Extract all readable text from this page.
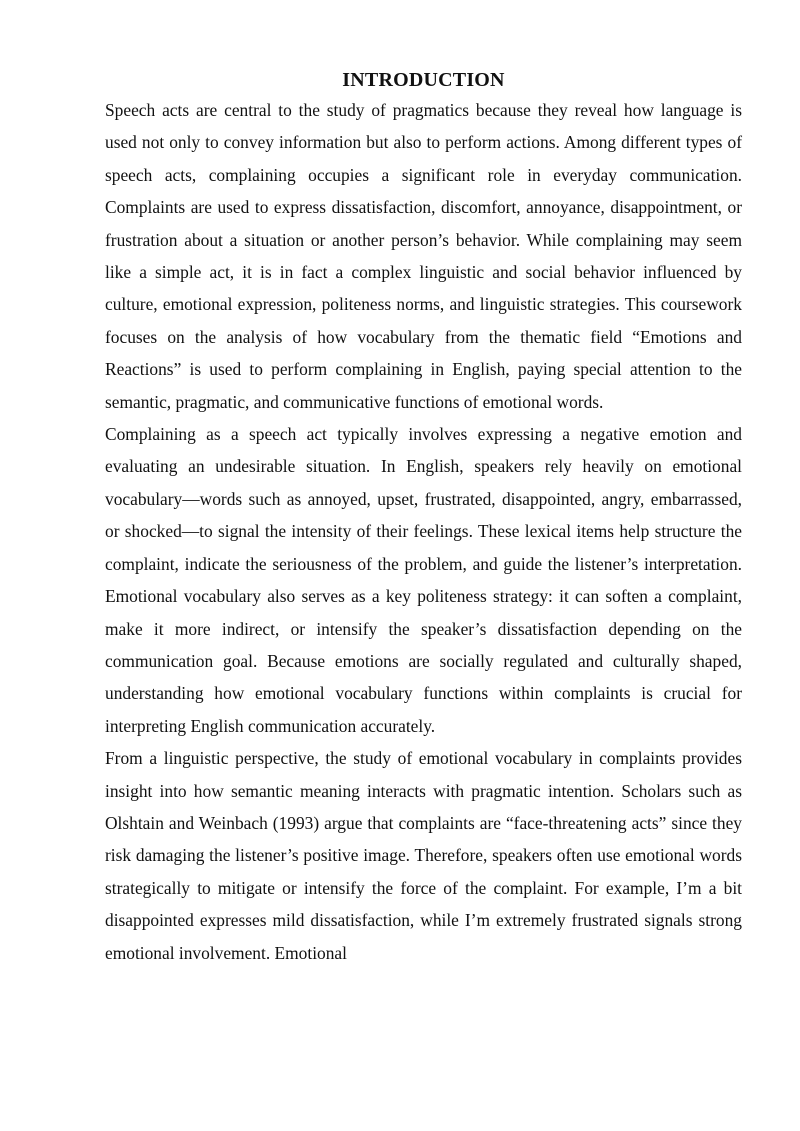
INTRODUCTION

Speech acts are central to the study of pragmatics because they reveal how language is used not only to convey information but also to perform actions. Among different types of speech acts, complaining occupies a significant role in everyday communication. Complaints are used to express dissatisfaction, discomfort, annoyance, disappointment, or frustration about a situation or another person’s behavior. While complaining may seem like a simple act, it is in fact a complex linguistic and social behavior influenced by culture, emotional expression, politeness norms, and linguistic strategies. This coursework focuses on the analysis of how vocabulary from the thematic field “Emotions and Reactions” is used to perform complaining in English, paying special attention to the semantic, pragmatic, and communicative functions of emotional words.

Complaining as a speech act typically involves expressing a negative emotion and evaluating an undesirable situation. In English, speakers rely heavily on emotional vocabulary—words such as annoyed, upset, frustrated, disappointed, angry, embarrassed, or shocked—to signal the intensity of their feelings. These lexical items help structure the complaint, indicate the seriousness of the problem, and guide the listener’s interpretation. Emotional vocabulary also serves as a key politeness strategy: it can soften a complaint, make it more indirect, or intensify the speaker’s dissatisfaction depending on the communication goal. Because emotions are socially regulated and culturally shaped, understanding how emotional vocabulary functions within complaints is crucial for interpreting English communication accurately.

From a linguistic perspective, the study of emotional vocabulary in complaints provides insight into how semantic meaning interacts with pragmatic intention. Scholars such as Olshtain and Weinbach (1993) argue that complaints are “face-threatening acts” since they risk damaging the listener’s positive image. Therefore, speakers often use emotional words strategically to mitigate or intensify the force of the complaint. For example, I’m a bit disappointed expresses mild dissatisfaction, while I’m extremely frustrated signals strong emotional involvement. Emotional
